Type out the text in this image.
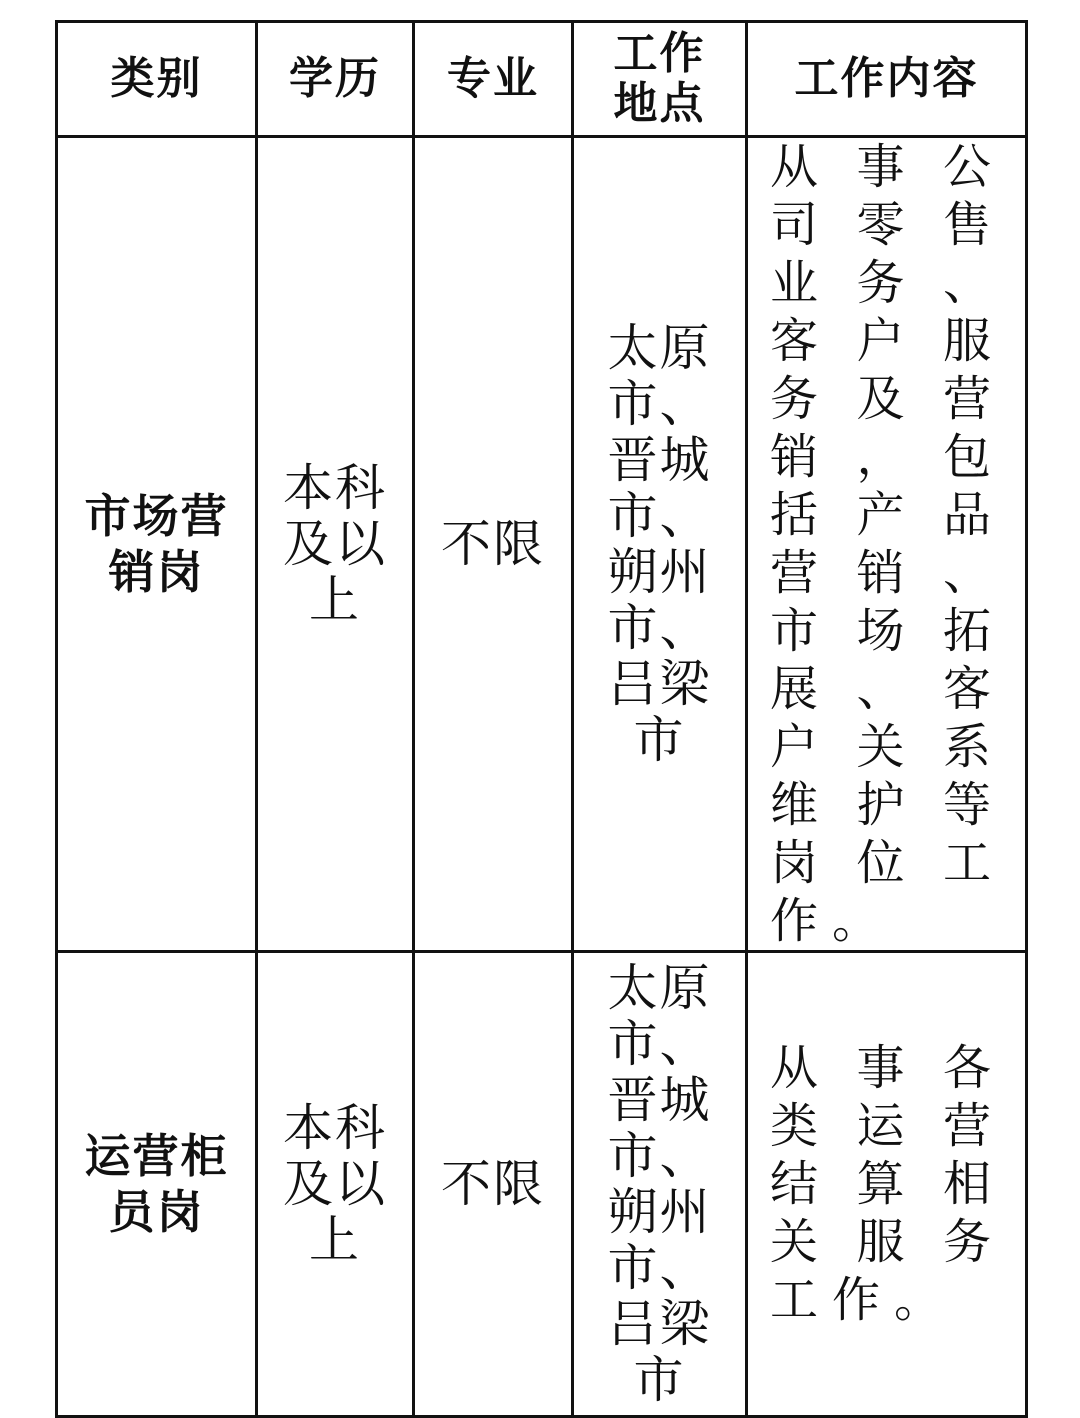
类别	学历	专业	工作地点	工作内容

市场营销岗	本科及以上	不限	太原市、晋城市、朔州市、吕梁市	从事公司零售业务、客户服务及营销，包括产品营销、市场拓展、客户关系维护等岗位工作。

运营柜员岗	本科及以上	不限	太原市、晋城市、朔州市、吕梁市	从事各类运营结算相关服务工作。
